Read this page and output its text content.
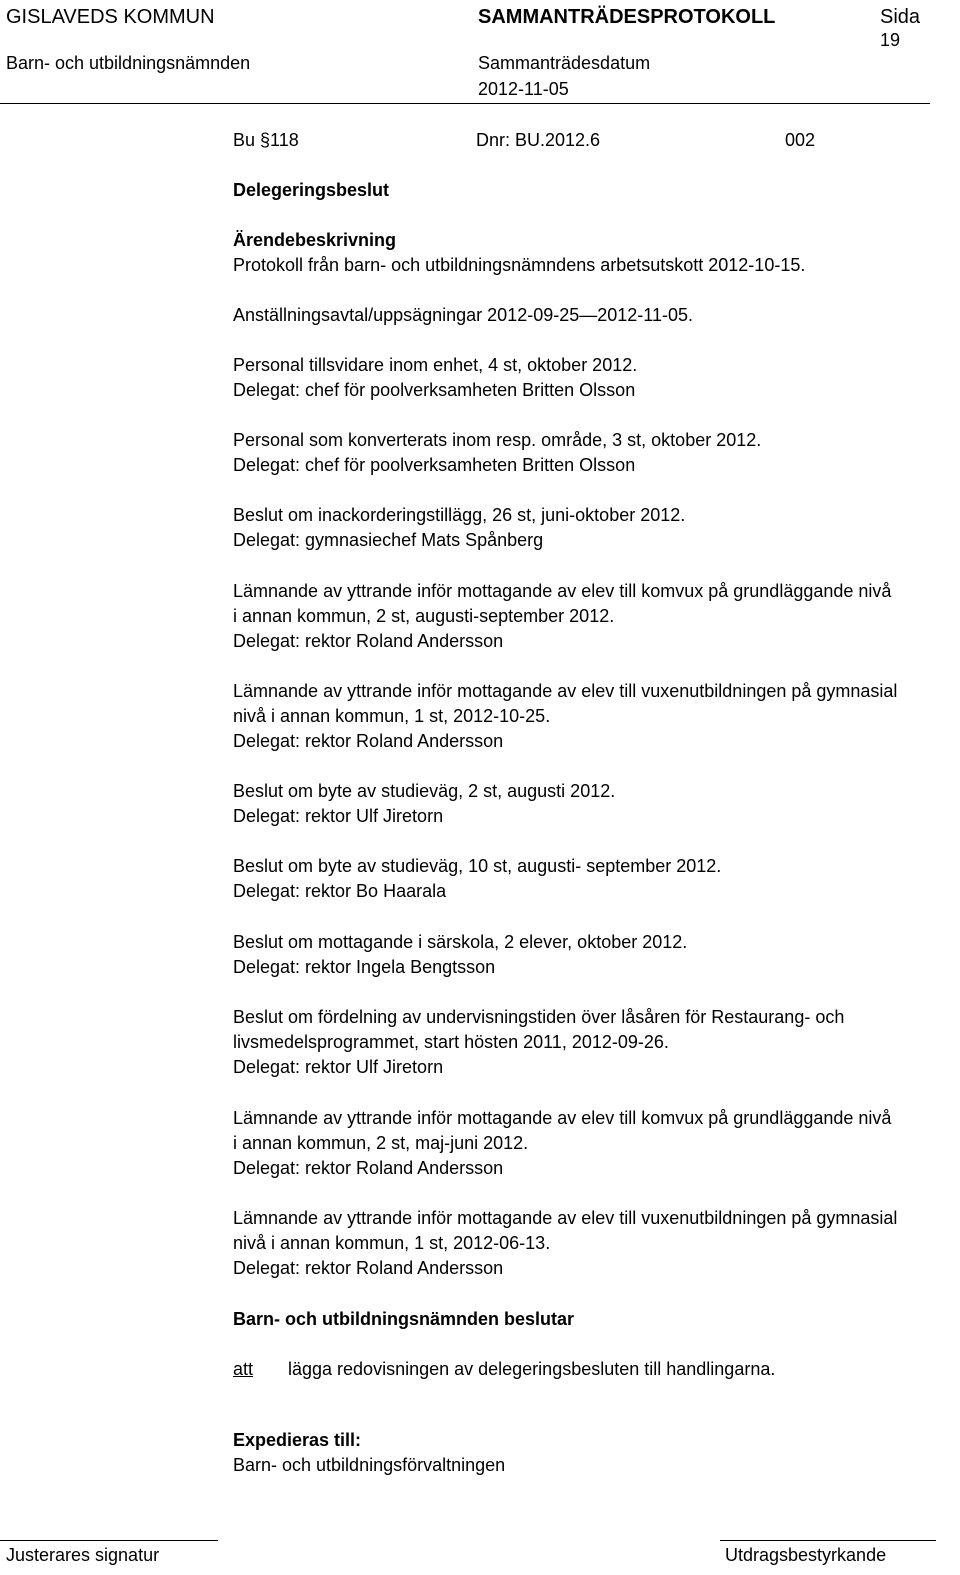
GISLAVEDS KOMMUN	SAMMANTRÄDESPROTOKOLL	Sida
19
Barn- och utbildningsnämnden	Sammanträdesdatum
2012-11-05
Bu §118	Dnr: BU.2012.6	002
Delegeringsbeslut
Ärendebeskrivning
Protokoll från barn- och utbildningsnämndens arbetsutskott 2012-10-15.
Anställningsavtal/uppsägningar 2012-09-25—2012-11-05.
Personal tillsvidare inom enhet, 4 st, oktober 2012.
Delegat: chef för poolverksamheten Britten Olsson
Personal som konverterats inom resp. område, 3 st, oktober 2012.
Delegat: chef för poolverksamheten Britten Olsson
Beslut om inackorderingstillägg, 26 st, juni-oktober 2012.
Delegat: gymnasiechef Mats Spånberg
Lämnande av yttrande inför mottagande av elev till komvux på grundläggande nivå
i annan kommun, 2 st, augusti-september 2012.
Delegat: rektor Roland Andersson
Lämnande av yttrande inför mottagande av elev till vuxenutbildningen på gymnasial
nivå i annan kommun, 1 st, 2012-10-25.
Delegat: rektor Roland Andersson
Beslut om byte av studieväg, 2 st, augusti 2012.
Delegat: rektor Ulf Jiretorn
Beslut om byte av studieväg, 10 st, augusti- september 2012.
Delegat: rektor Bo Haarala
Beslut om mottagande i särskola, 2 elever, oktober 2012.
Delegat: rektor Ingela Bengtsson
Beslut om fördelning av undervisningstiden över låsåren för Restaurang- och
livsmedelsprogrammet, start hösten 2011, 2012-09-26.
Delegat: rektor Ulf Jiretorn
Lämnande av yttrande inför mottagande av elev till komvux på grundläggande nivå
i annan kommun, 2 st, maj-juni 2012.
Delegat: rektor Roland Andersson
Lämnande av yttrande inför mottagande av elev till vuxenutbildningen på gymnasial
nivå i annan kommun, 1 st, 2012-06-13.
Delegat: rektor Roland Andersson
Barn- och utbildningsnämnden beslutar
att lägga redovisningen av delegeringsbesluten till handlingarna.
Expedieras till:
Barn- och utbildningsförvaltningen
Justerares signatur	Utdragsbestyrkande
